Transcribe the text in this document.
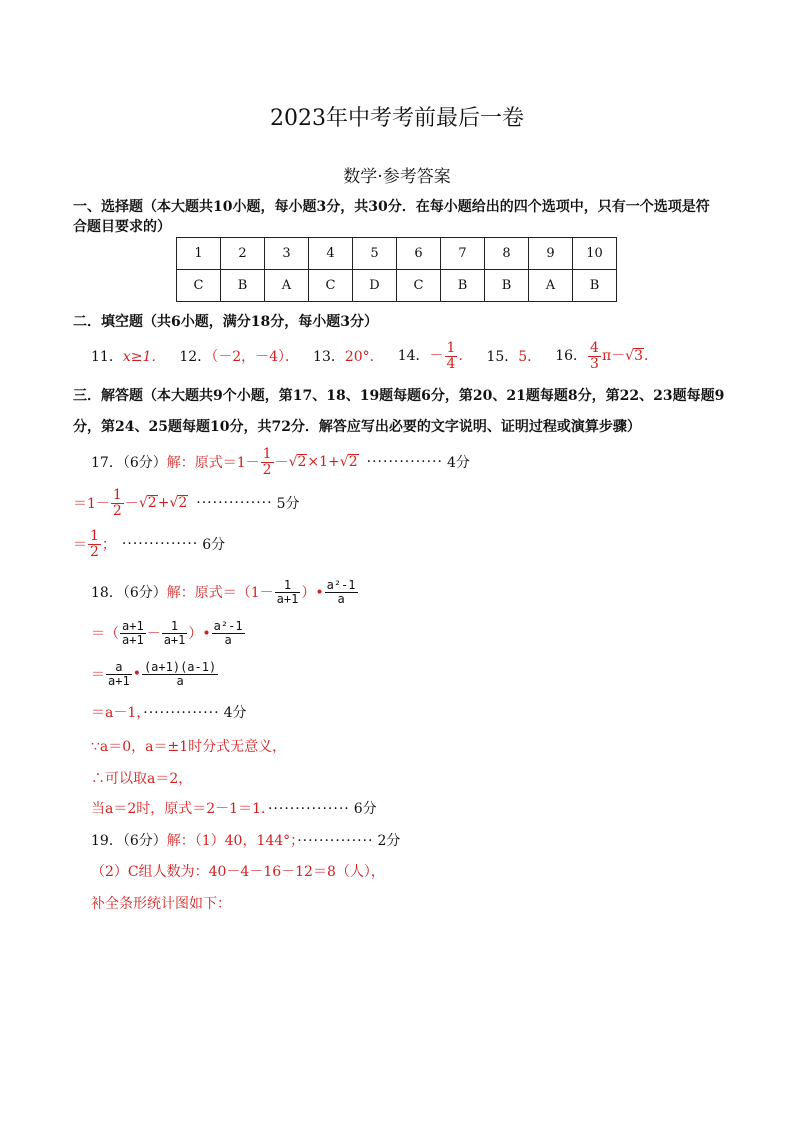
2023年中考考前最后一卷
数学·参考答案
一、选择题（本大题共10小题，每小题3分，共30分．在每小题给出的四个选项中，只有一个选项是符
合题目要求的）
1	2	3	4	5	6	7	8	9	10
C	B	A	C	D	C	B	B	A	B
二．填空题（共6小题，满分18分，每小题3分）
11．x≥1． 12．（－2，－4）． 13．20°． 14．－ $\frac{1}{4}$ ． 15．5． 16． $\frac{4}{3} \pi-√3$．
三．解答题（本大题共9个小题，第17、18、19题每题6分，第20、21题每题8分，第22、23题每题9
分，第24、25题每题10分，共72分．解答应写出必要的文字说明、证明过程或演算步骤）
17．（6分） 解：原式$=1- \frac{1}{2}$ － √ 2 ×1+ √ 2 ·············· 4分
$=1- \frac{1}{2}$ － √ 2 + √ 2 ·············· 5分
＝ $\frac{1}{2}$ ； ·············· 6分
18．（6分） 解：原式$=(1- \frac{1}{a+1}$ ）• $\frac{\text{a²-1}}{a}$
＝（ $\frac{a+1}{a+1} - \frac{1}{a+1}$ ）• $\frac{\text{a²-1}}{a}$
＝ $\frac{a}{a+1}$ • $\frac{(a+1)(a-1)}{a}$
＝a－1，·············· 4分
∵a＝0，a＝±1时分式无意义，
∴可以取a＝2，
当a＝2时，原式＝2－1＝1．··············· 6分
19．（6分）解：（1）40，144°；·············· 2分
（2）C组人数为：40－4－16－12＝8（人），
补全条形统计图如下：
